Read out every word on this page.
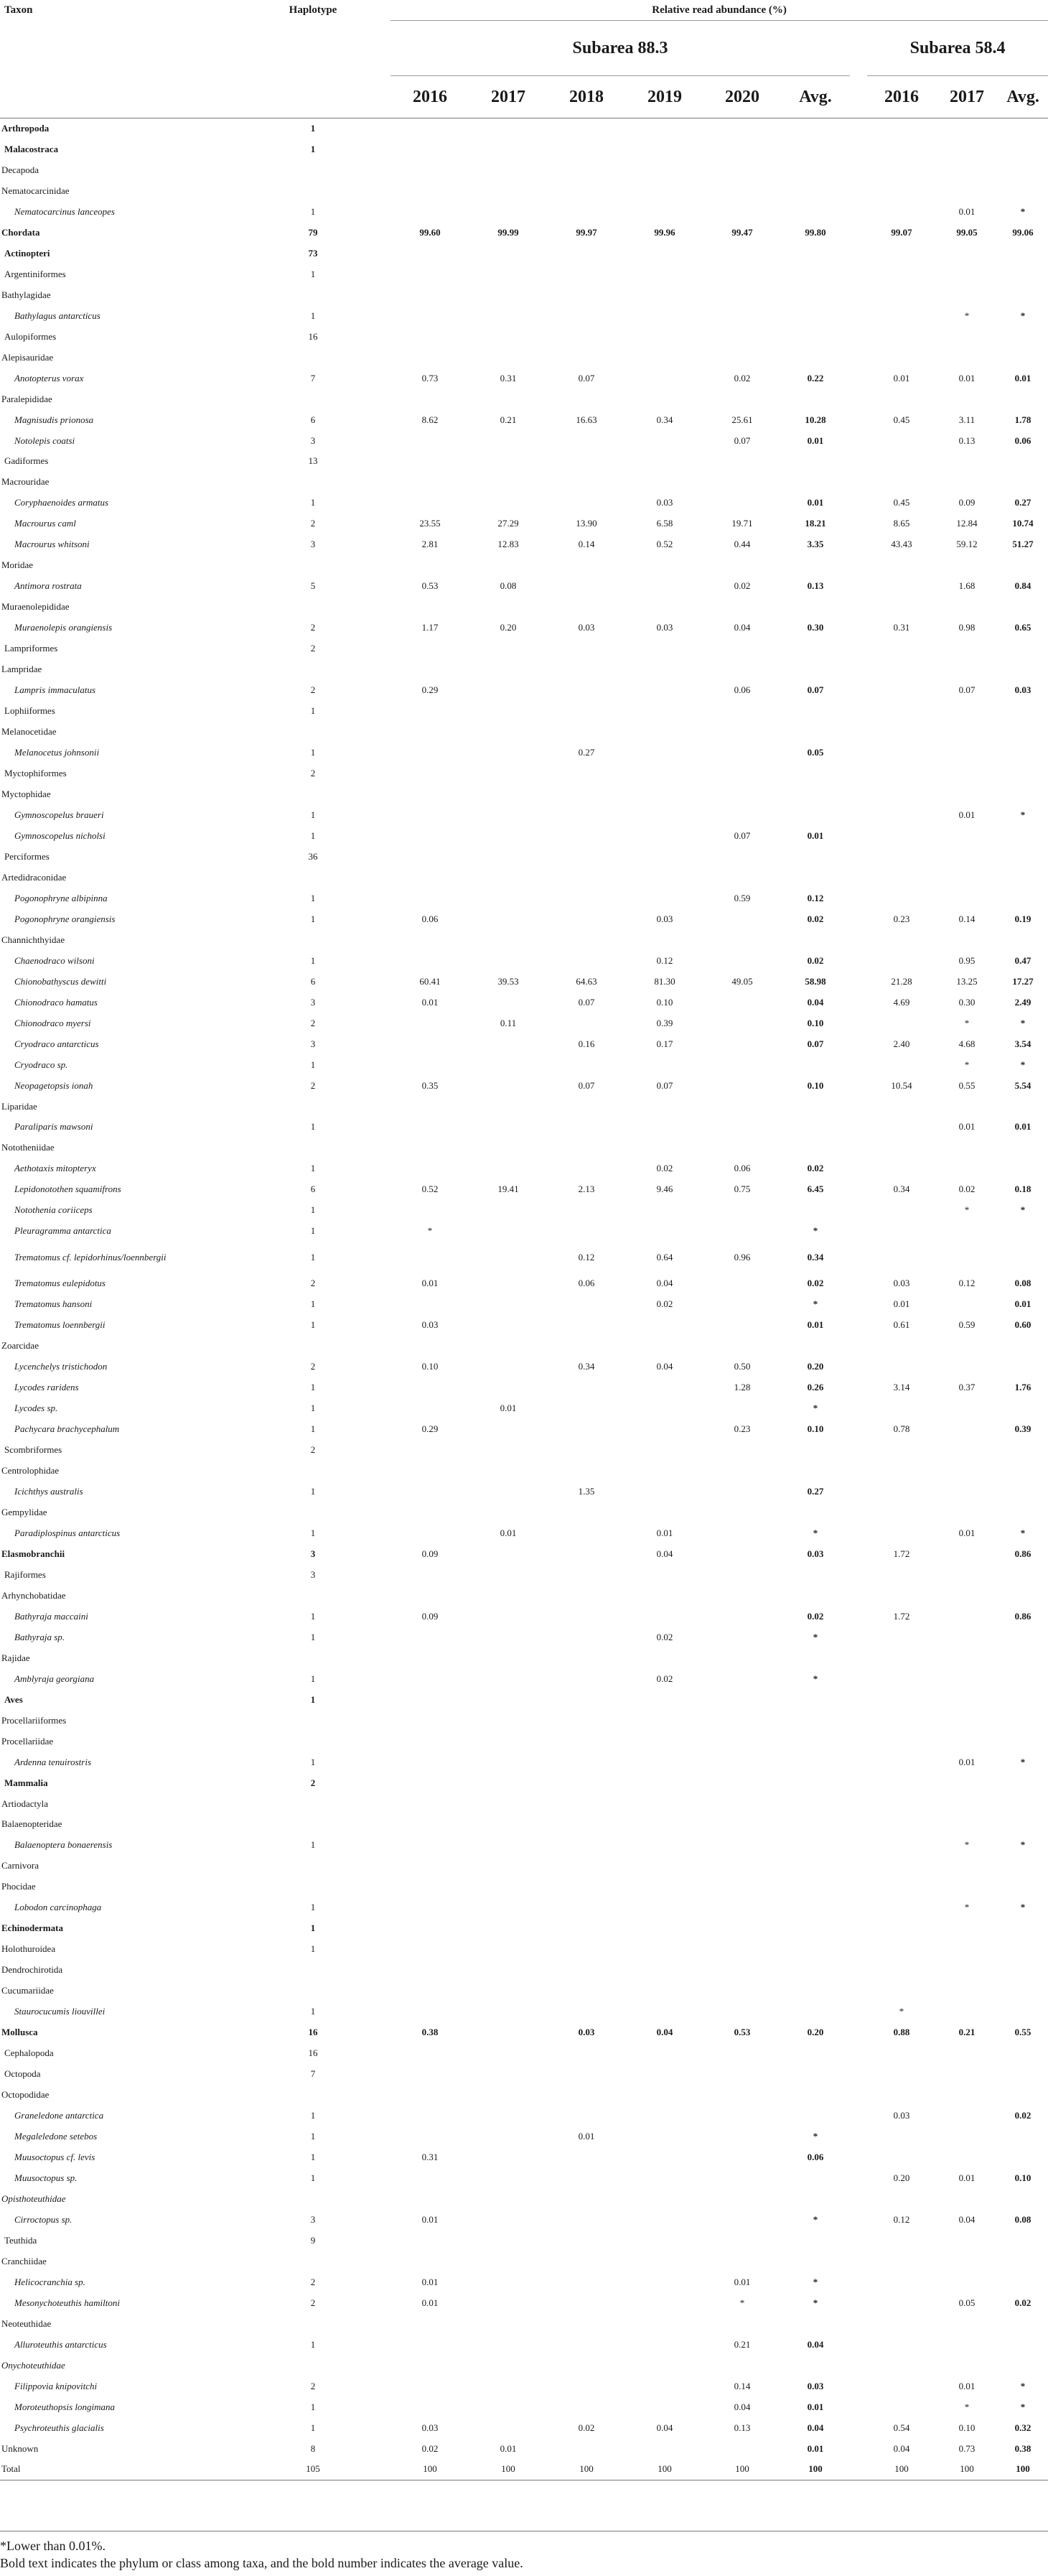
Taxon	Haplotype		Relative read abundance (%)									
			Subarea 88.3							Subarea 58.4		
			2016	2017	2018	2019	2020	Avg.		2016	2017	Avg.
Arthropoda	1											
Malacostraca	1											
Decapoda												
Nematocarcinidae												
Nematocarcinus lanceopes	1										0.01	*
Chordata	79		99.60	99.99	99.97	99.96	99.47	99.80		99.07	99.05	99.06
Actinopteri	73											
Argentiniformes	1											
Bathylagidae												
Bathylagus antarcticus	1										*	*
Aulopiformes	16											
Alepisauridae												
Anotopterus vorax	7		0.73	0.31	0.07		0.02	0.22		0.01	0.01	0.01
Paralepididae												
Magnisudis prionosa	6		8.62	0.21	16.63	0.34	25.61	10.28		0.45	3.11	1.78
Notolepis coatsi	3						0.07	0.01			0.13	0.06
Gadiformes	13											
Macrouridae												
Coryphaenoides armatus	1					0.03		0.01		0.45	0.09	0.27
Macrourus caml	2		23.55	27.29	13.90	6.58	19.71	18.21		8.65	12.84	10.74
Macrourus whitsoni	3		2.81	12.83	0.14	0.52	0.44	3.35		43.43	59.12	51.27
Moridae												
Antimora rostrata	5		0.53	0.08			0.02	0.13			1.68	0.84
Muraenolepididae												
Muraenolepis orangiensis	2		1.17	0.20	0.03	0.03	0.04	0.30		0.31	0.98	0.65
Lampriformes	2											
Lampridae												
Lampris immaculatus	2		0.29				0.06	0.07			0.07	0.03
Lophiiformes	1											
Melanocetidae												
Melanocetus johnsonii	1				0.27			0.05				
Myctophiformes	2											
Myctophidae												
Gymnoscopelus braueri	1										0.01	*
Gymnoscopelus nicholsi	1						0.07	0.01				
Perciformes	36											
Artedidraconidae												
Pogonophryne albipinna	1						0.59	0.12				
Pogonophryne orangiensis	1		0.06			0.03		0.02		0.23	0.14	0.19
Channichthyidae												
Chaenodraco wilsoni	1					0.12		0.02			0.95	0.47
Chionobathyscus dewitti	6		60.41	39.53	64.63	81.30	49.05	58.98		21.28	13.25	17.27
Chionodraco hamatus	3		0.01		0.07	0.10		0.04		4.69	0.30	2.49
Chionodraco myersi	2			0.11		0.39		0.10			*	*
Cryodraco antarcticus	3				0.16	0.17		0.07		2.40	4.68	3.54
Cryodraco sp.	1										*	*
Neopagetopsis ionah	2		0.35		0.07	0.07		0.10		10.54	0.55	5.54
Liparidae												
Paraliparis mawsoni	1										0.01	0.01
Nototheniidae												
Aethotaxis mitopteryx	1					0.02	0.06	0.02				
Lepidonotothen squamifrons	6		0.52	19.41	2.13	9.46	0.75	6.45		0.34	0.02	0.18
Notothenia coriiceps	1										*	*
Pleuragramma antarctica	1		*					*				
Trematomus cf. lepidorhinus/loennbergii	1				0.12	0.64	0.96	0.34				
Trematomus eulepidotus	2		0.01		0.06	0.04		0.02		0.03	0.12	0.08
Trematomus hansoni	1					0.02		*		0.01		0.01
Trematomus loennbergii	1		0.03					0.01		0.61	0.59	0.60
Zoarcidae												
Lycenchelys tristichodon	2		0.10		0.34	0.04	0.50	0.20				
Lycodes raridens	1						1.28	0.26		3.14	0.37	1.76
Lycodes sp.	1			0.01				*				
Pachycara brachycephalum	1		0.29				0.23	0.10		0.78		0.39
Scombriformes	2											
Centrolophidae												
Icichthys australis	1				1.35			0.27				
Gempylidae												
Paradiplospinus antarcticus	1			0.01		0.01		*			0.01	*
Elasmobranchii	3		0.09			0.04		0.03		1.72		0.86
Rajiformes	3											
Arhynchobatidae												
Bathyraja maccaini	1		0.09					0.02		1.72		0.86
Bathyraja sp.	1					0.02		*				
Rajidae												
Amblyraja georgiana	1					0.02		*				
Aves	1											
Procellariiformes												
Procellariidae												
Ardenna tenuirostris	1										0.01	*
Mammalia	2											
Artiodactyla												
Balaenopteridae												
Balaenoptera bonaerensis	1										*	*
Carnivora												
Phocidae												
Lobodon carcinophaga	1										*	*
Echinodermata	1											
Holothuroidea	1											
Dendrochirotida												
Cucumariidae												
Staurocucumis liouvillei	1									*		
Mollusca	16		0.38		0.03	0.04	0.53	0.20		0.88	0.21	0.55
Cephalopoda	16											
Octopoda	7											
Octopodidae												
Graneledone antarctica	1									0.03		0.02
Megaleledone setebos	1				0.01			*				
Muusoctopus cf. levis	1		0.31					0.06				
Muusoctopus sp.	1									0.20	0.01	0.10
Opisthoteuthidae												
Cirroctopus sp.	3		0.01					*		0.12	0.04	0.08
Teuthida	9											
Cranchiidae												
Helicocranchia sp.	2		0.01				0.01	*				
Mesonychoteuthis hamiltoni	2		0.01				*	*			0.05	0.02
Neoteuthidae												
Alluroteuthis antarcticus	1						0.21	0.04				
Onychoteuthidae												
Filippovia knipovitchi	2						0.14	0.03			0.01	*
Moroteuthopsis longimana	1						0.04	0.01			*	*
Psychroteuthis glacialis	1		0.03		0.02	0.04	0.13	0.04		0.54	0.10	0.32
Unknown	8		0.02	0.01				0.01		0.04	0.73	0.38
Total	105		100	100	100	100	100	100		100	100	100
*Lower than 0.01%.
Bold text indicates the phylum or class among taxa, and the bold number indicates the average value.
